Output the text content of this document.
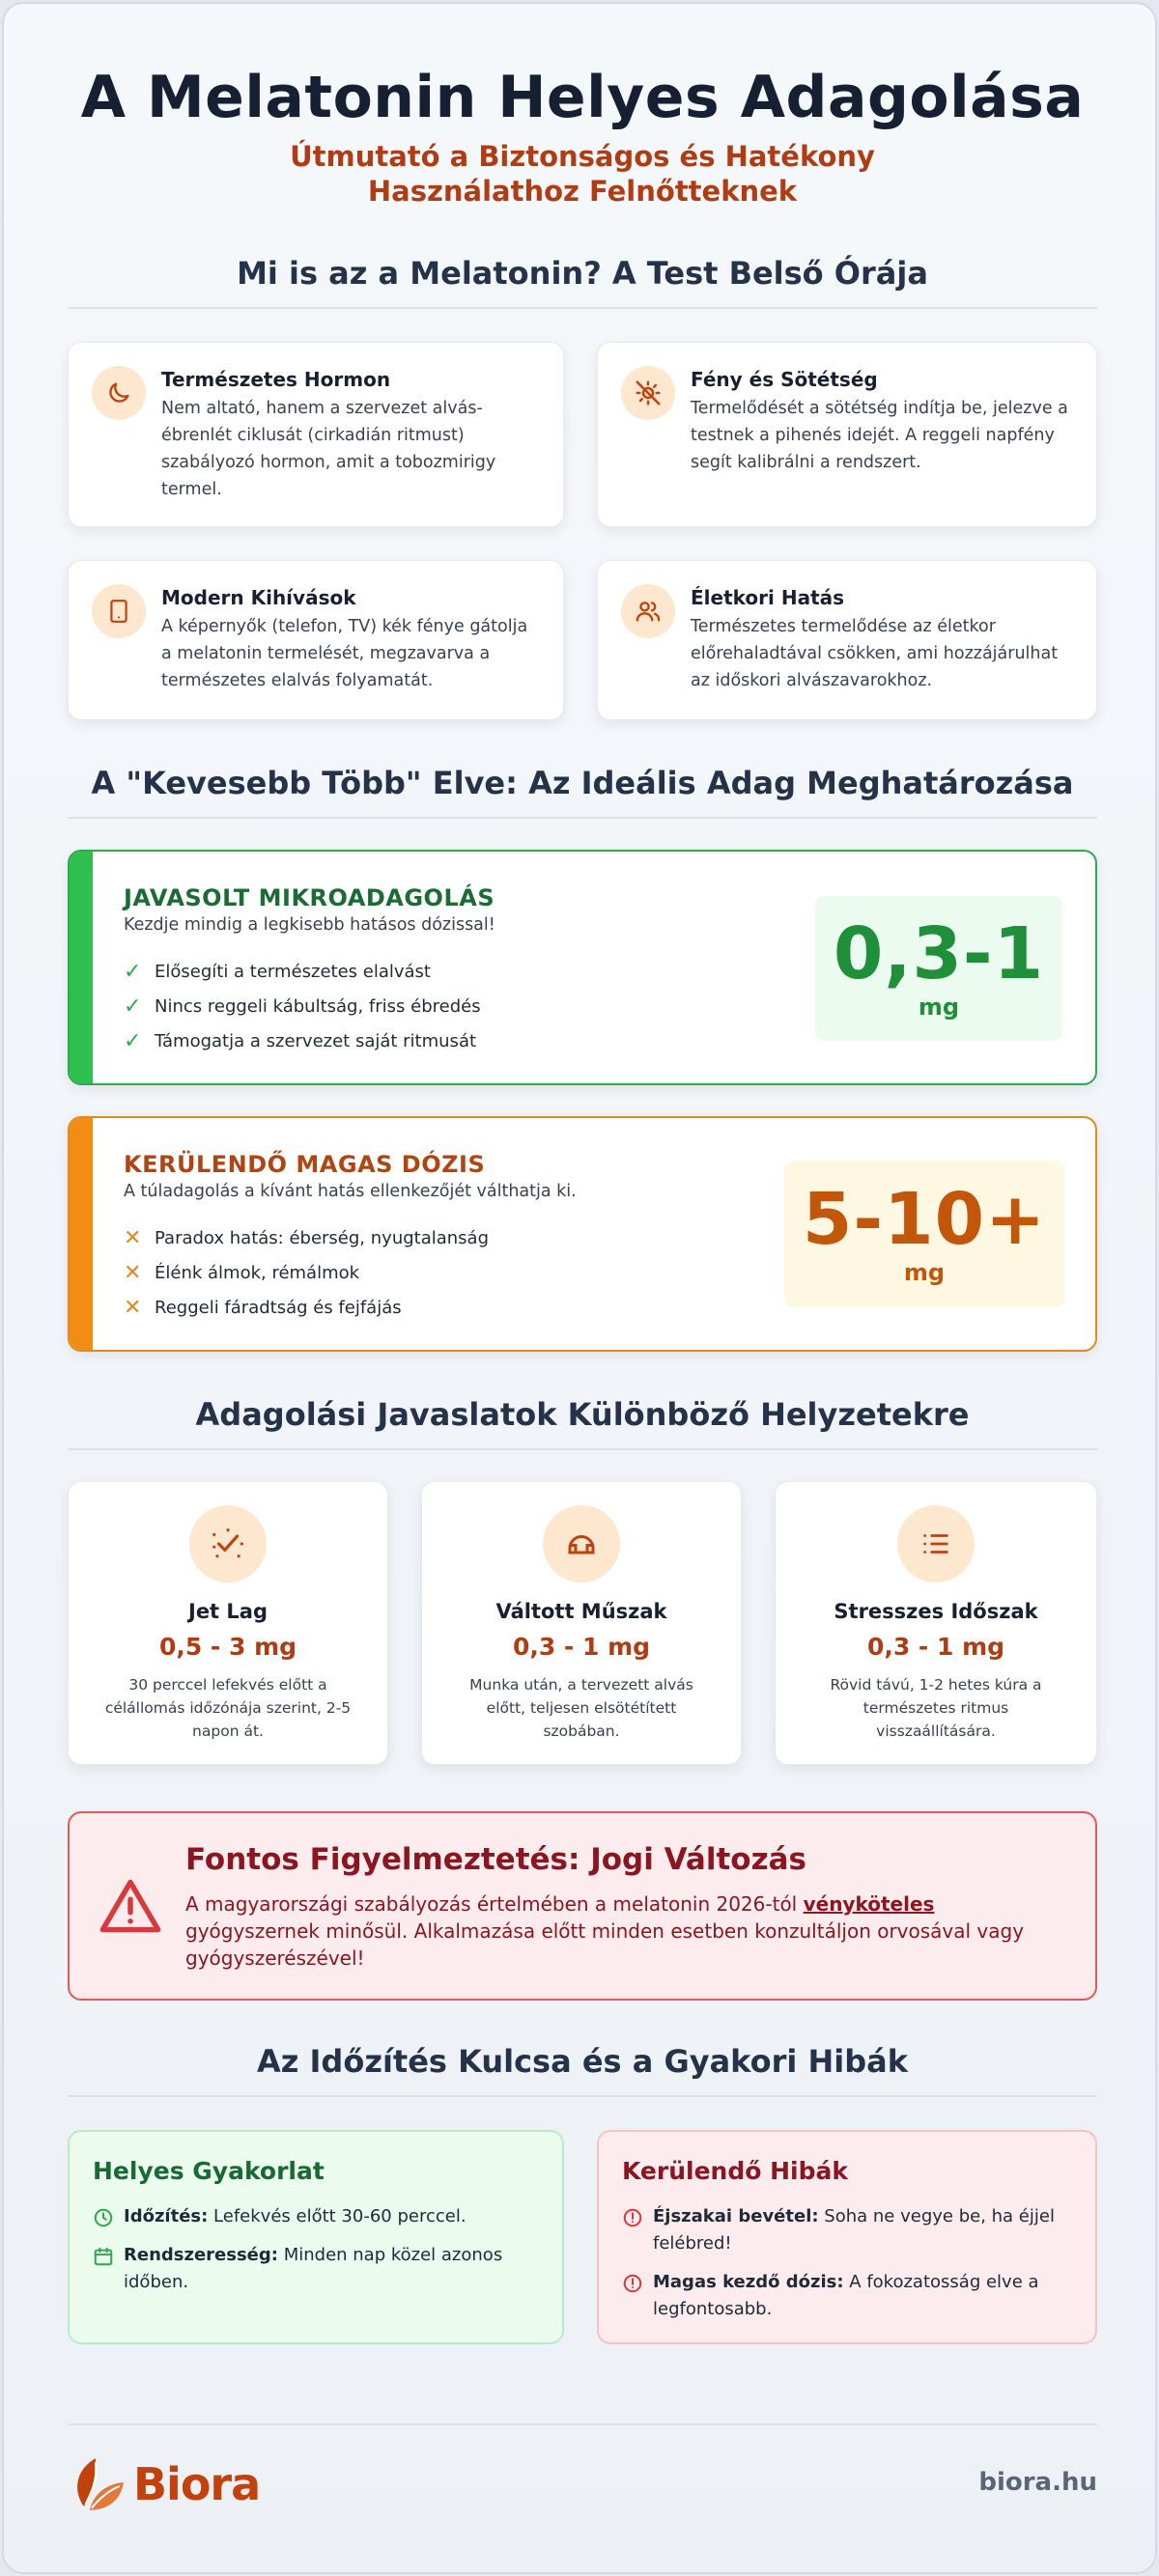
A Melatonin Helyes Adagolása
Útmutató a Biztonságos és Hatékony Használathoz Felnőtteknek
Mi is az a Melatonin? A Test Belső Órája
Természetes Hormon
Nem altató, hanem a szervezet alvás-ébrenlét ciklusát (cirkadián ritmust) szabályozó hormon, amit a tobozmirigy termel.
Fény és Sötétség
Termelődését a sötétség indítja be, jelezve a testnek a pihenés idejét. A reggeli napfény segít kalibrálni a rendszert.
Modern Kihívások
A képernyők (telefon, TV) kék fénye gátolja a melatonin termelését, megzavarva a természetes elalvás folyamatát.
Életkori Hatás
Természetes termelődése az életkor előrehaladtával csökken, ami hozzájárulhat az időskori alvászavarokhoz.
A "Kevesebb Több" Elve: Az Ideális Adag Meghatározása
JAVASOLT MIKROADAGOLÁS
Kezdje mindig a legkisebb hatásos dózissal!
✓ Elősegíti a természetes elalvást
✓ Nincs reggeli kábultság, friss ébredés
✓ Támogatja a szervezet saját ritmusát
0,3-1
mg
KERÜLENDŐ MAGAS DÓZIS
A túladagolás a kívánt hatás ellenkezőjét válthatja ki.
✕ Paradox hatás: éberség, nyugtalanság
✕ Élénk álmok, rémálmok
✕ Reggeli fáradtság és fejfájás
5-10+
mg
Adagolási Javaslatok Különböző Helyzetekre
Jet Lag
0,5 - 3 mg
30 perccel lefekvés előtt a célállomás időzónája szerint, 2-5 napon át.
Váltott Műszak
0,3 - 1 mg
Munka után, a tervezett alvás előtt, teljesen elsötétített szobában.
Stresszes Időszak
0,3 - 1 mg
Rövid távú, 1-2 hetes kúra a természetes ritmus visszaállítására.
Fontos Figyelmeztetés: Jogi Változás
A magyarországi szabályozás értelmében a melatonin 2026-tól vényköteles gyógyszernek minősül. Alkalmazása előtt minden esetben konzultáljon orvosával vagy gyógyszerészével!
Az Időzítés Kulcsa és a Gyakori Hibák
Helyes Gyakorlat
Időzítés: Lefekvés előtt 30-60 perccel.
Rendszeresség: Minden nap közel azonos időben.
Kerülendő Hibák
Éjszakai bevétel: Soha ne vegye be, ha éjjel felébred!
Magas kezdő dózis: A fokozatosság elve a legfontosabb.
Biora	biora.hu
